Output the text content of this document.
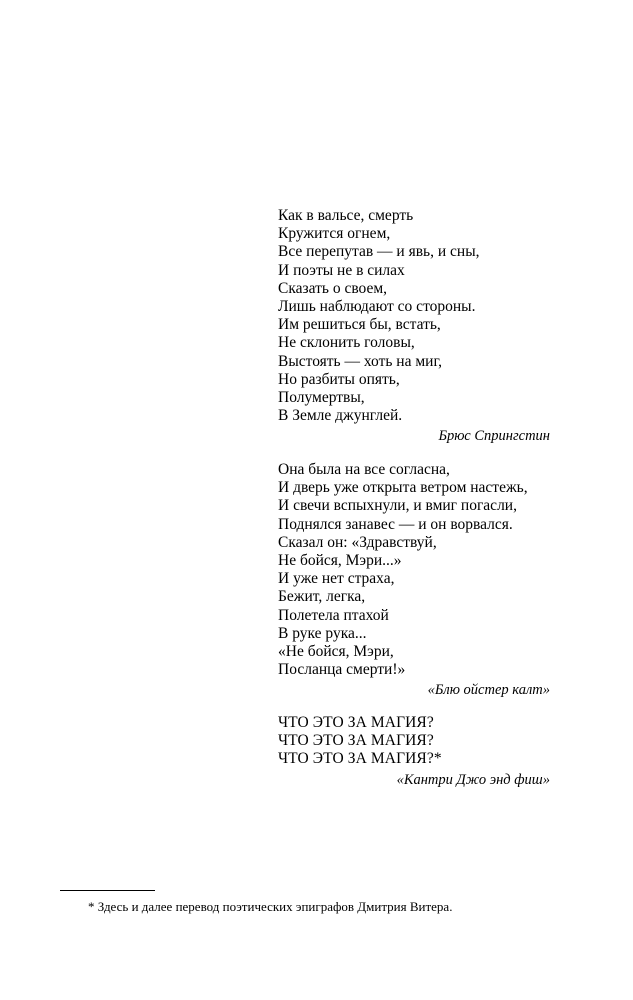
Как в вальсе, смерть
Кружится огнем,
Все перепутав — и явь, и сны,
И поэты не в силах
Сказать о своем,
Лишь наблюдают со стороны.
Им решиться бы, встать,
Не склонить головы,
Выстоять — хоть на миг,
Но разбиты опять,
Полумертвы,
В Земле джунглей.
Брюс Спрингстин
Она была на все согласна,
И дверь уже открыта ветром настежь,
И свечи вспыхнули, и вмиг погасли,
Поднялся занавес — и он ворвался.
Сказал он: «Здравствуй,
Не бойся, Мэри...»
И уже нет страха,
Бежит, легка,
Полетела птахой
В руке рука...
«Не бойся, Мэри,
Посланца смерти!»
«Блю ойстер калт»
ЧТО ЭТО ЗА МАГИЯ?
ЧТО ЭТО ЗА МАГИЯ?
ЧТО ЭТО ЗА МАГИЯ?*
«Кантри Джо энд фиш»
* Здесь и далее перевод поэтических эпиграфов Дмитрия Витера.
